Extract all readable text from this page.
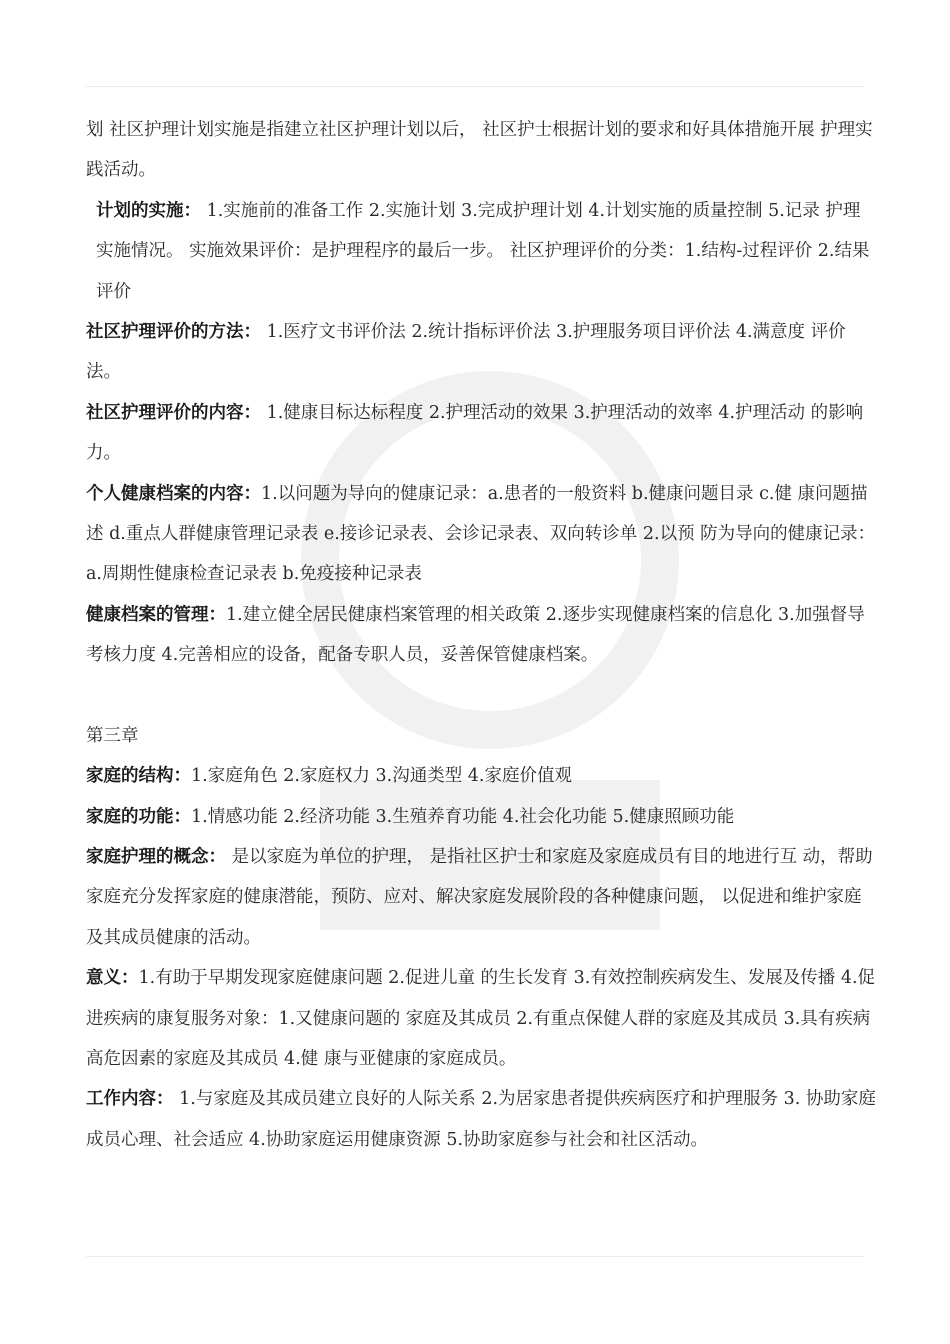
划 社区护理计划实施是指建立社区护理计划以后， 社区护士根据计划的要求和好具体措施开展 护理实践活动。

计划的实施： 1.实施前的准备工作 2.实施计划 3.完成护理计划 4.计划实施的质量控制 5.记录 护理实施情况。 实施效果评价：是护理程序的最后一步。 社区护理评价的分类：1.结构-过程评价 2.结果评价

社区护理评价的方法： 1.医疗文书评价法 2.统计指标评价法 3.护理服务项目评价法 4.满意度 评价法。

社区护理评价的内容： 1.健康目标达标程度 2.护理活动的效果 3.护理活动的效率 4.护理活动 的影响力。

个人健康档案的内容：1.以问题为导向的健康记录：a.患者的一般资料 b.健康问题目录 c.健 康问题描述 d.重点人群健康管理记录表 e.接诊记录表、会诊记录表、双向转诊单 2.以预 防为导向的健康记录：a.周期性健康检查记录表 b.免疫接种记录表

健康档案的管理：1.建立健全居民健康档案管理的相关政策 2.逐步实现健康档案的信息化 3.加强督导考核力度 4.完善相应的设备，配备专职人员，妥善保管健康档案。

第三章

家庭的结构：1.家庭角色 2.家庭权力 3.沟通类型 4.家庭价值观

家庭的功能：1.情感功能 2.经济功能 3.生殖养育功能 4.社会化功能 5.健康照顾功能

家庭护理的概念： 是以家庭为单位的护理， 是指社区护士和家庭及家庭成员有目的地进行互 动，帮助家庭充分发挥家庭的健康潜能，预防、应对、解决家庭发展阶段的各种健康问题， 以促进和维护家庭及其成员健康的活动。

意义：1.有助于早期发现家庭健康问题 2.促进儿童 的生长发育 3.有效控制疾病发生、发展及传播 4.促进疾病的康复服务对象：1.又健康问题的 家庭及其成员 2.有重点保健人群的家庭及其成员 3.具有疾病高危因素的家庭及其成员 4.健 康与亚健康的家庭成员。

工作内容： 1.与家庭及其成员建立良好的人际关系 2.为居家患者提供疾病医疗和护理服务 3. 协助家庭成员心理、社会适应 4.协助家庭运用健康资源 5.协助家庭参与社会和社区活动。
